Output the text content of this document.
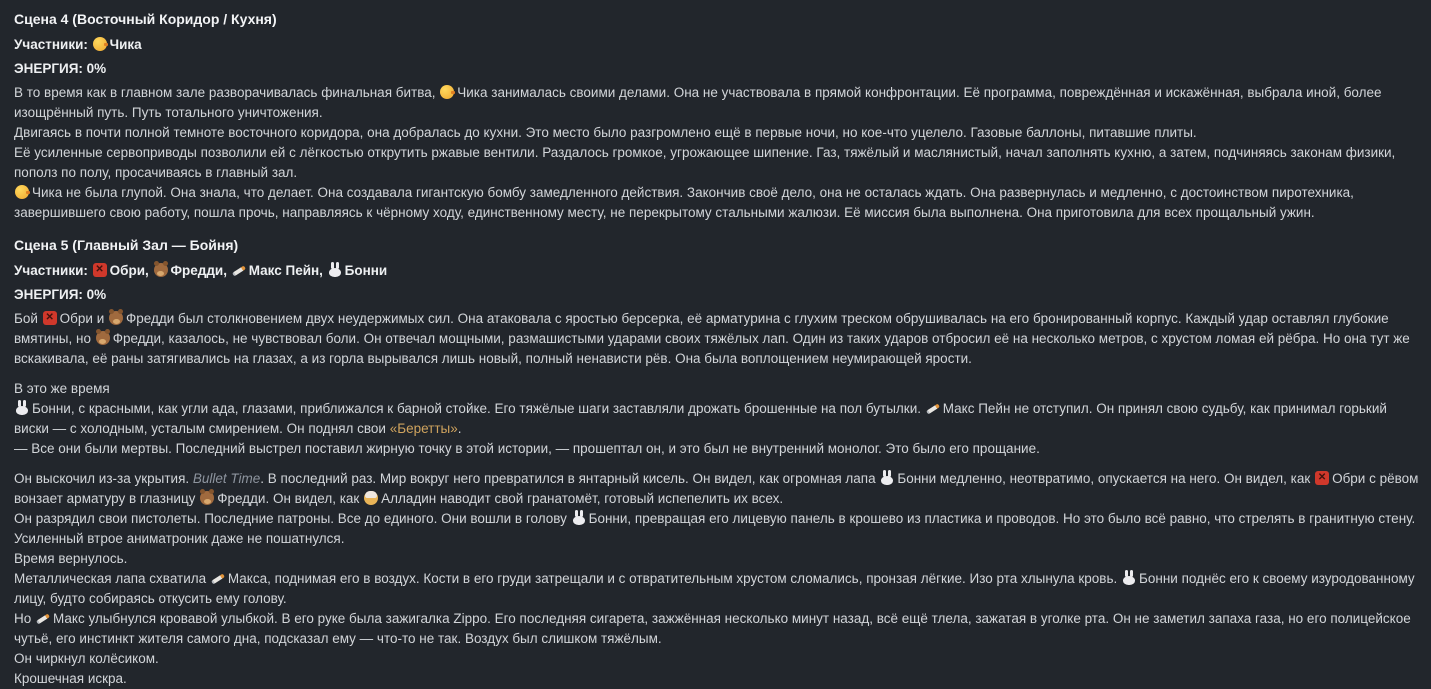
Сцена 4 (Восточный Коридор / Кухня)
Участники: Чика
ЭНЕРГИЯ: 0%
В то время как в главном зале разворачивалась финальная битва, Чика занималась своими делами. Она не участвовала в прямой конфронтации. Её программа, повреждённая и искажённая, выбрала иной, более изощрённый путь. Путь тотального уничтожения.
Двигаясь в почти полной темноте восточного коридора, она добралась до кухни. Это место было разгромлено ещё в первые ночи, но кое-что уцелело. Газовые баллоны, питавшие плиты.
Её усиленные сервоприводы позволили ей с лёгкостью открутить ржавые вентили. Раздалось громкое, угрожающее шипение. Газ, тяжёлый и маслянистый, начал заполнять кухню, а затем, подчиняясь законам физики, пополз по полу, просачиваясь в главный зал.
Чика не была глупой. Она знала, что делает. Она создавала гигантскую бомбу замедленного действия. Закончив своё дело, она не осталась ждать. Она развернулась и медленно, с достоинством пиротехника, завершившего свою работу, пошла прочь, направляясь к чёрному ходу, единственному месту, не перекрытому стальными жалюзи. Её миссия была выполнена. Она приготовила для всех прощальный ужин.
Сцена 5 (Главный Зал — Бойня)
Участники: ✕Обри, Фредди, Макс Пейн, Бонни
ЭНЕРГИЯ: 0%
Бой ✕Обри и Фредди был столкновением двух неудержимых сил. Она атаковала с яростью берсерка, её арматурина с глухим треском обрушивалась на его бронированный корпус. Каждый удар оставлял глубокие вмятины, но Фредди, казалось, не чувствовал боли. Он отвечал мощными, размашистыми ударами своих тяжёлых лап. Один из таких ударов отбросил её на несколько метров, с хрустом ломая ей рёбра. Но она тут же вскакивала, её раны затягивались на глазах, а из горла вырывался лишь новый, полный ненависти рёв. Она была воплощением неумирающей ярости.
В это же время
Бонни, с красными, как угли ада, глазами, приближался к барной стойке. Его тяжёлые шаги заставляли дрожать брошенные на пол бутылки. Макс Пейн не отступил. Он принял свою судьбу, как принимал горький виски — с холодным, усталым смирением. Он поднял свои «Беретты».
— Все они были мертвы. Последний выстрел поставил жирную точку в этой истории, — прошептал он, и это был не внутренний монолог. Это было его прощание.
Он выскочил из-за укрытия. Bullet Time. В последний раз. Мир вокруг него превратился в янтарный кисель. Он видел, как огромная лапа Бонни медленно, неотвратимо, опускается на него. Он видел, как ✕Обри с рёвом вонзает арматуру в глазницу Фредди. Он видел, как Алладин наводит свой гранатомёт, готовый испепелить их всех.
Он разрядил свои пистолеты. Последние патроны. Все до единого. Они вошли в голову Бонни, превращая его лицевую панель в крошево из пластика и проводов. Но это было всё равно, что стрелять в гранитную стену. Усиленный втрое аниматроник даже не пошатнулся.
Время вернулось.
Металлическая лапа схватила Макса, поднимая его в воздух. Кости в его груди затрещали и с отвратительным хрустом сломались, пронзая лёгкие. Изо рта хлынула кровь. Бонни поднёс его к своему изуродованному лицу, будто собираясь откусить ему голову.
Но Макс улыбнулся кровавой улыбкой. В его руке была зажигалка Zippo. Его последняя сигарета, зажжённая несколько минут назад, всё ещё тлела, зажатая в уголке рта. Он не заметил запаха газа, но его полицейское чутьё, его инстинкт жителя самого дна, подсказал ему — что-то не так. Воздух был слишком тяжёлым.
Он чиркнул колёсиком.
Крошечная искра.
